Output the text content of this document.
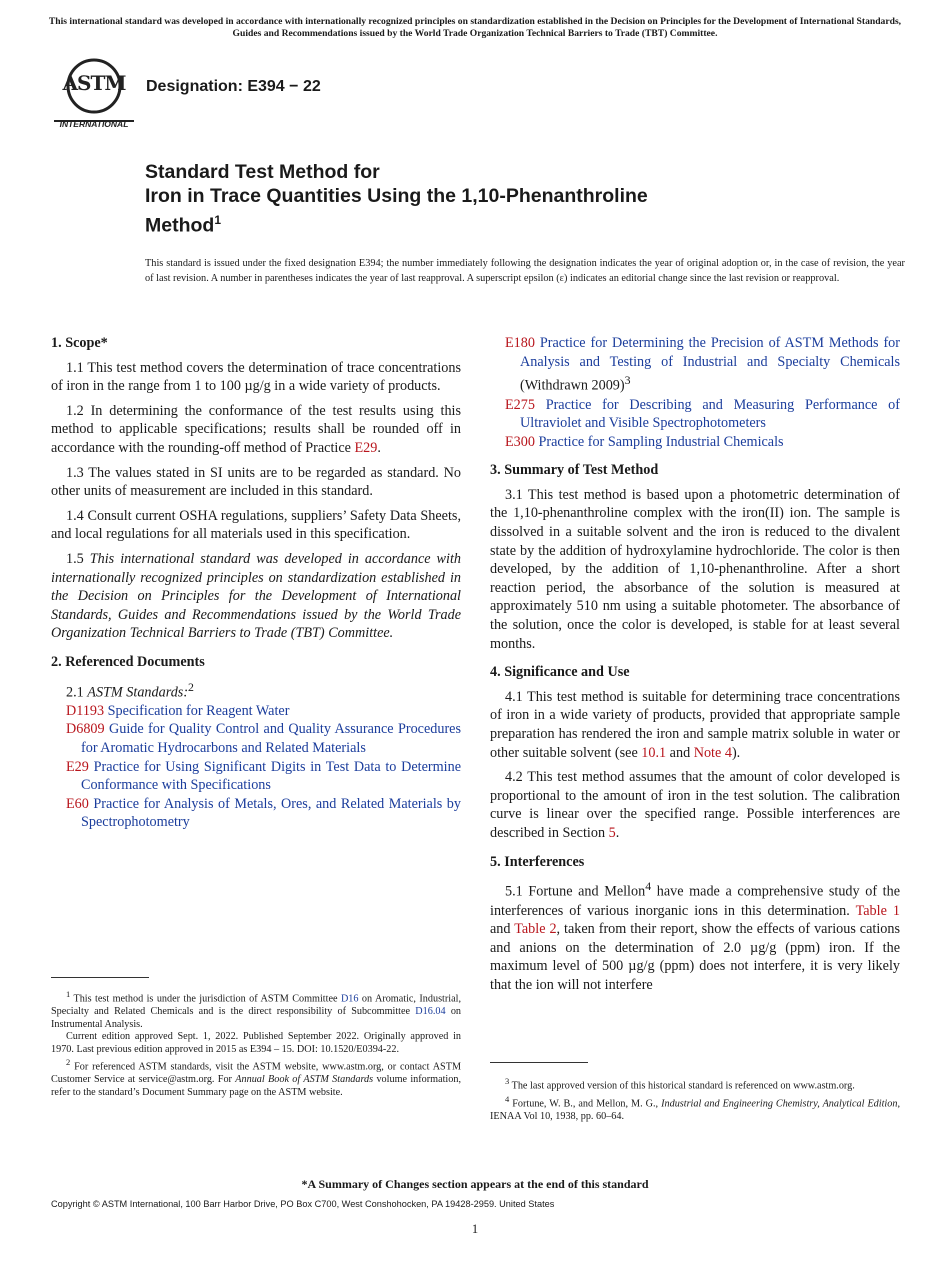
This international standard was developed in accordance with internationally recognized principles on standardization established in the Decision on Principles for the Development of International Standards, Guides and Recommendations issued by the World Trade Organization Technical Barriers to Trade (TBT) Committee.
ASTM
INTERNATIONAL
Designation: E394 − 22
Standard Test Method for
Iron in Trace Quantities Using the 1,10-Phenanthroline
Method$^1$
This standard is issued under the fixed designation E394; the number immediately following the designation indicates the year of original adoption or, in the case of revision, the year of last revision. A number in parentheses indicates the year of last reapproval. A superscript epsilon (ε) indicates an editorial change since the last revision or reapproval.
1. Scope*

1.1 This test method covers the determination of trace concentrations of iron in the range from 1 to 100 µg/g in a wide variety of products.

1.2 In determining the conformance of the test results using this method to applicable specifications; results shall be rounded off in accordance with the rounding-off method of Practice E29.

1.3 The values stated in SI units are to be regarded as standard. No other units of measurement are included in this standard.

1.4 Consult current OSHA regulations, suppliers’ Safety Data Sheets, and local regulations for all materials used in this specification.

1.5 This international standard was developed in accordance with internationally recognized principles on standardization established in the Decision on Principles for the Development of International Standards, Guides and Recommendations issued by the World Trade Organization Technical Barriers to Trade (TBT) Committee.

2. Referenced Documents

2.1 ASTM Standards:$^2$

D1193 Specification for Reagent Water

D6809 Guide for Quality Control and Quality Assurance Procedures for Aromatic Hydrocarbons and Related Materials

E29 Practice for Using Significant Digits in Test Data to Determine Conformance with Specifications

E60 Practice for Analysis of Metals, Ores, and Related Materials by Spectrophotometry

E180 Practice for Determining the Precision of ASTM Methods for Analysis and Testing of Industrial and Specialty Chemicals (Withdrawn 2009)$^3$

E275 Practice for Describing and Measuring Performance of Ultraviolet and Visible Spectrophotometers

E300 Practice for Sampling Industrial Chemicals

3. Summary of Test Method

3.1 This test method is based upon a photometric determination of the 1,10-phenanthroline complex with the iron(II) ion. The sample is dissolved in a suitable solvent and the iron is reduced to the divalent state by the addition of hydroxylamine hydrochloride. The color is then developed, by the addition of 1,10-phenanthroline. After a short reaction period, the absorbance of the solution is measured at approximately 510 nm using a suitable photometer. The absorbance of the solution, once the color is developed, is stable for at least several months.

4. Significance and Use

4.1 This test method is suitable for determining trace concentrations of iron in a wide variety of products, provided that appropriate sample preparation has rendered the iron and sample matrix soluble in water or other suitable solvent (see 10.1 and Note 4).

4.2 This test method assumes that the amount of color developed is proportional to the amount of iron in the test solution. The calibration curve is linear over the specified range. Possible interferences are described in Section 5.

5. Interferences

5.1 Fortune and Mellon$^4$ have made a comprehensive study of the interferences of various inorganic ions in this determination. Table 1 and Table 2, taken from their report, show the effects of various cations and anions on the determination of 2.0 µg/g (ppm) iron. If the maximum level of 500 µg/g (ppm) does not interfere, it is very likely that the ion will not interfere

$^1$ This test method is under the jurisdiction of ASTM Committee D16 on Aromatic, Industrial, Specialty and Related Chemicals and is the direct responsibility of Subcommittee D16.04 on Instrumental Analysis.

Current edition approved Sept. 1, 2022. Published September 2022. Originally approved in 1970. Last previous edition approved in 2015 as E394 – 15. DOI: 10.1520/E0394-22.

$^2$ For referenced ASTM standards, visit the ASTM website, www.astm.org, or contact ASTM Customer Service at service@astm.org. For Annual Book of ASTM Standards volume information, refer to the standard’s Document Summary page on the ASTM website.

$^3$ The last approved version of this historical standard is referenced on www.astm.org.

$^4$ Fortune, W. B., and Mellon, M. G., Industrial and Engineering Chemistry, Analytical Edition, IENAA Vol 10, 1938, pp. 60–64.

*A Summary of Changes section appears at the end of this standard
Copyright © ASTM International, 100 Barr Harbor Drive, PO Box C700, West Conshohocken, PA 19428-2959. United States
1
